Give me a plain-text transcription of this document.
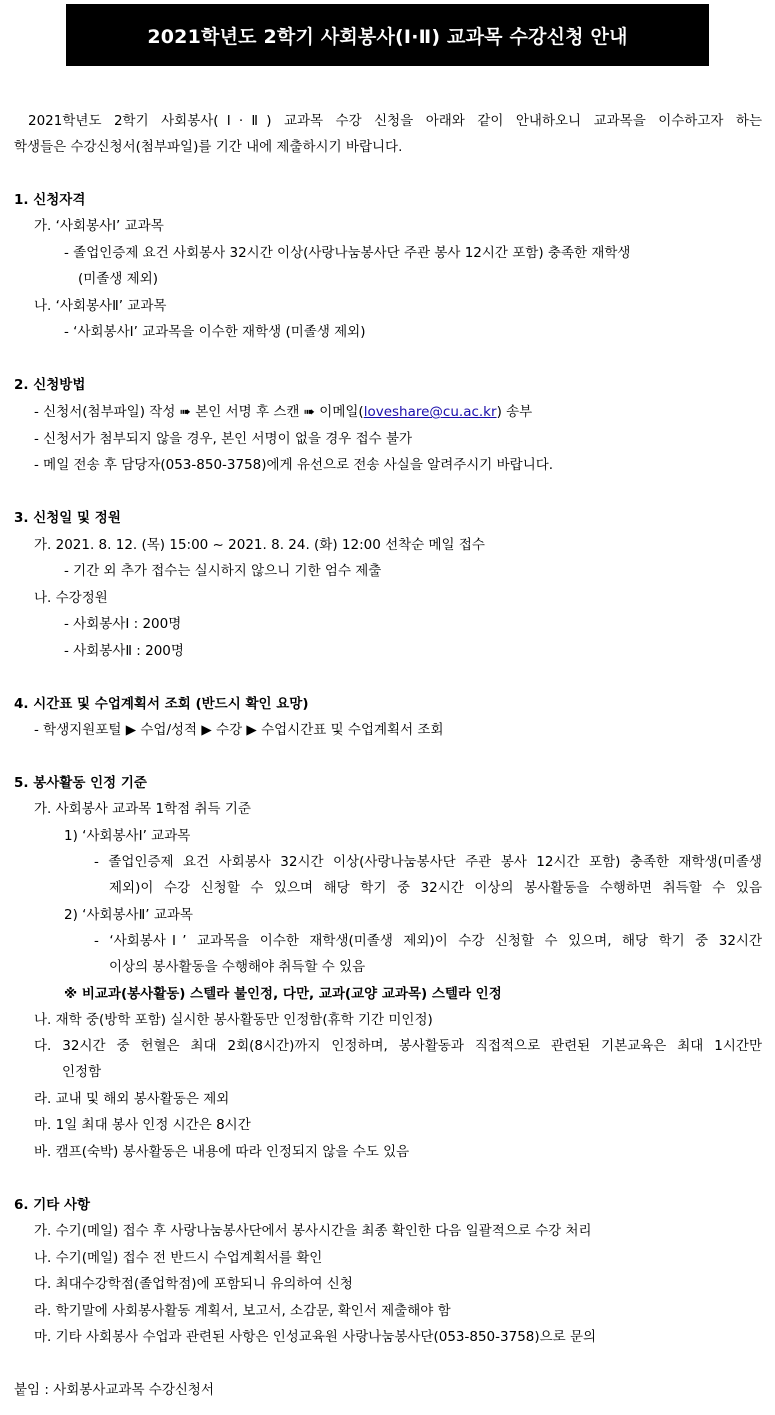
2021학년도 2학기 사회봉사(Ⅰ·Ⅱ) 교과목 수강신청 안내
2021학년도 2학기 사회봉사(Ⅰ·Ⅱ) 교과목 수강 신청을 아래와 같이 안내하오니 교과목을 이수하고자 하는
학생들은 수강신청서(첨부파일)를 기간 내에 제출하시기 바랍니다.
1. 신청자격
가. ‘사회봉사Ⅰ’ 교과목
- 졸업인증제 요건 사회봉사 32시간 이상(사랑나눔봉사단 주관 봉사 12시간 포함) 충족한 재학생
(미졸생 제외)
나. ‘사회봉사Ⅱ’ 교과목
- ‘사회봉사Ⅰ’ 교과목을 이수한 재학생 (미졸생 제외)
2. 신청방법
- 신청서(첨부파일) 작성 ➠ 본인 서명 후 스캔 ➠ 이메일(loveshare@cu.ac.kr) 송부
- 신청서가 첨부되지 않을 경우, 본인 서명이 없을 경우 접수 불가
- 메일 전송 후 담당자(053-850-3758)에게 유선으로 전송 사실을 알려주시기 바랍니다.
3. 신청일 및 정원
가. 2021. 8. 12. (목) 15:00 ~ 2021. 8. 24. (화) 12:00 선착순 메일 접수
- 기간 외 추가 접수는 실시하지 않으니 기한 엄수 제출
나. 수강정원
- 사회봉사Ⅰ : 200명
- 사회봉사Ⅱ : 200명
4. 시간표 및 수업계획서 조회 (반드시 확인 요망)
- 학생지원포털 ▶ 수업/성적 ▶ 수강 ▶ 수업시간표 및 수업계획서 조회
5. 봉사활동 인정 기준
가. 사회봉사 교과목 1학점 취득 기준
1) ‘사회봉사Ⅰ’ 교과목
- 졸업인증제 요건 사회봉사 32시간 이상(사랑나눔봉사단 주관 봉사 12시간 포함) 충족한 재학생(미졸생
제외)이 수강 신청할 수 있으며 해당 학기 중 32시간 이상의 봉사활동을 수행하면 취득할 수 있음
2) ‘사회봉사Ⅱ’ 교과목
- ‘사회봉사Ⅰ’ 교과목을 이수한 재학생(미졸생 제외)이 수강 신청할 수 있으며, 해당 학기 중 32시간
이상의 봉사활동을 수행해야 취득할 수 있음
※ 비교과(봉사활동) 스텔라 불인정, 다만, 교과(교양 교과목) 스텔라 인정
나. 재학 중(방학 포함) 실시한 봉사활동만 인정함(휴학 기간 미인정)
다. 32시간 중 헌혈은 최대 2회(8시간)까지 인정하며, 봉사활동과 직접적으로 관련된 기본교육은 최대 1시간만
인정함
라. 교내 및 해외 봉사활동은 제외
마. 1일 최대 봉사 인정 시간은 8시간
바. 캠프(숙박) 봉사활동은 내용에 따라 인정되지 않을 수도 있음
6. 기타 사항
가. 수기(메일) 접수 후 사랑나눔봉사단에서 봉사시간을 최종 확인한 다음 일괄적으로 수강 처리
나. 수기(메일) 접수 전 반드시 수업계획서를 확인
다. 최대수강학점(졸업학점)에 포함되니 유의하여 신청
라. 학기말에 사회봉사활동 계획서, 보고서, 소감문, 확인서 제출해야 함
마. 기타 사회봉사 수업과 관련된 사항은 인성교육원 사랑나눔봉사단(053-850-3758)으로 문의
붙임 : 사회봉사교과목 수강신청서
